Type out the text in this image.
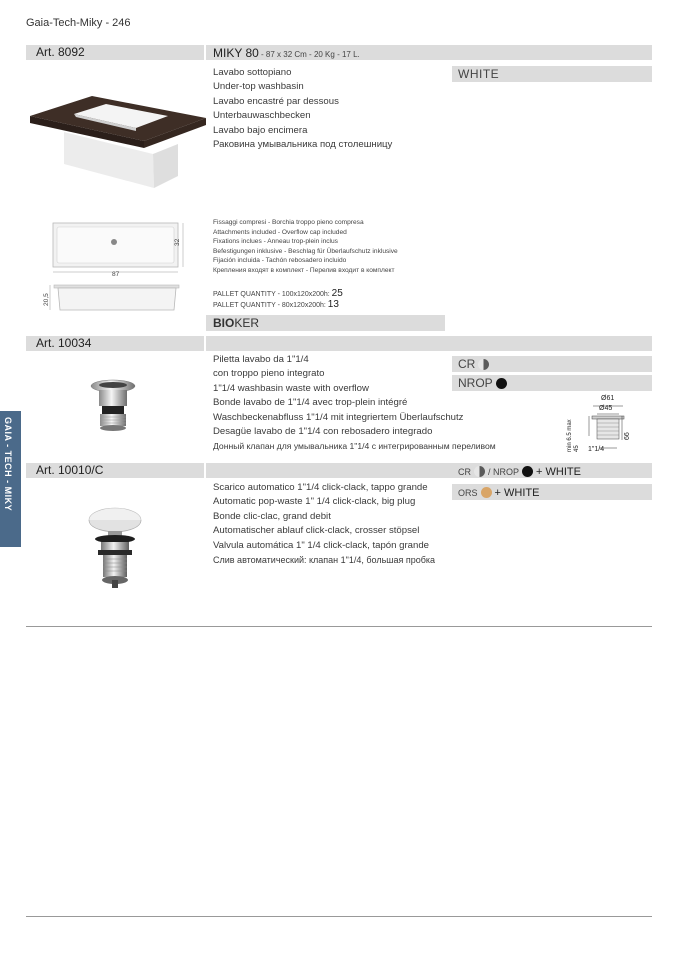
Gaia-Tech-Miky - 246
GAIA - TECH - MIKY
Art. 8092	MIKY 80 - 87 x 32 Cm - 20 Kg - 17 L.
Lavabo sottopiano
Under-top washbasin
Lavabo encastré par dessous
Unterbauwaschbecken
Lavabo bajo encimera
Раковина умывальника под столешницу
WHITE
87
32
20,5
Fissaggi compresi - Borchia troppo pieno compresa
Attachments included - Overflow cap included
Fixations inclues - Anneau trop-plein inclus
Befestigungen inklusive - Beschlag für Überlaufschutz inklusive
Fijación incluida - Tachón rebosadero incluido
Крепления входят в комплект - Перелив входит в комплект
PALLET QUANTITY - 100x120x200h: 25
PALLET QUANTITY - 80x120x200h: 13
BIOKER
Art. 10034
Piletta lavabo da 1"1/4
con troppo pieno integrato
1"1/4 washbasin waste with overflow
Bonde lavabo de 1"1/4 avec trop-plein intégré
Waschbeckenabfluss 1"1/4 mit integriertem Überlaufschutz
Desagüe lavabo de 1"1/4 con rebosadero integrado
Донный клапан для умывальника 1"1/4 с интегрированным переливом
CR
NROP
Ø61
Ø45
66
min 6.5 max 45 1"1/4
Art. 10010/C	CR / NROP + WHITE
ORS + WHITE
Scarico automatico 1"1/4 click-clack, tappo grande
Automatic pop-waste 1" 1/4 click-clack, big plug
Bonde clic-clac, grand debit
Automatischer ablauf click-clack, crosser stöpsel
Valvula automática 1" 1/4 click-clack, tapón grande
Слив автоматический: клапан 1"1/4, большая пробка
